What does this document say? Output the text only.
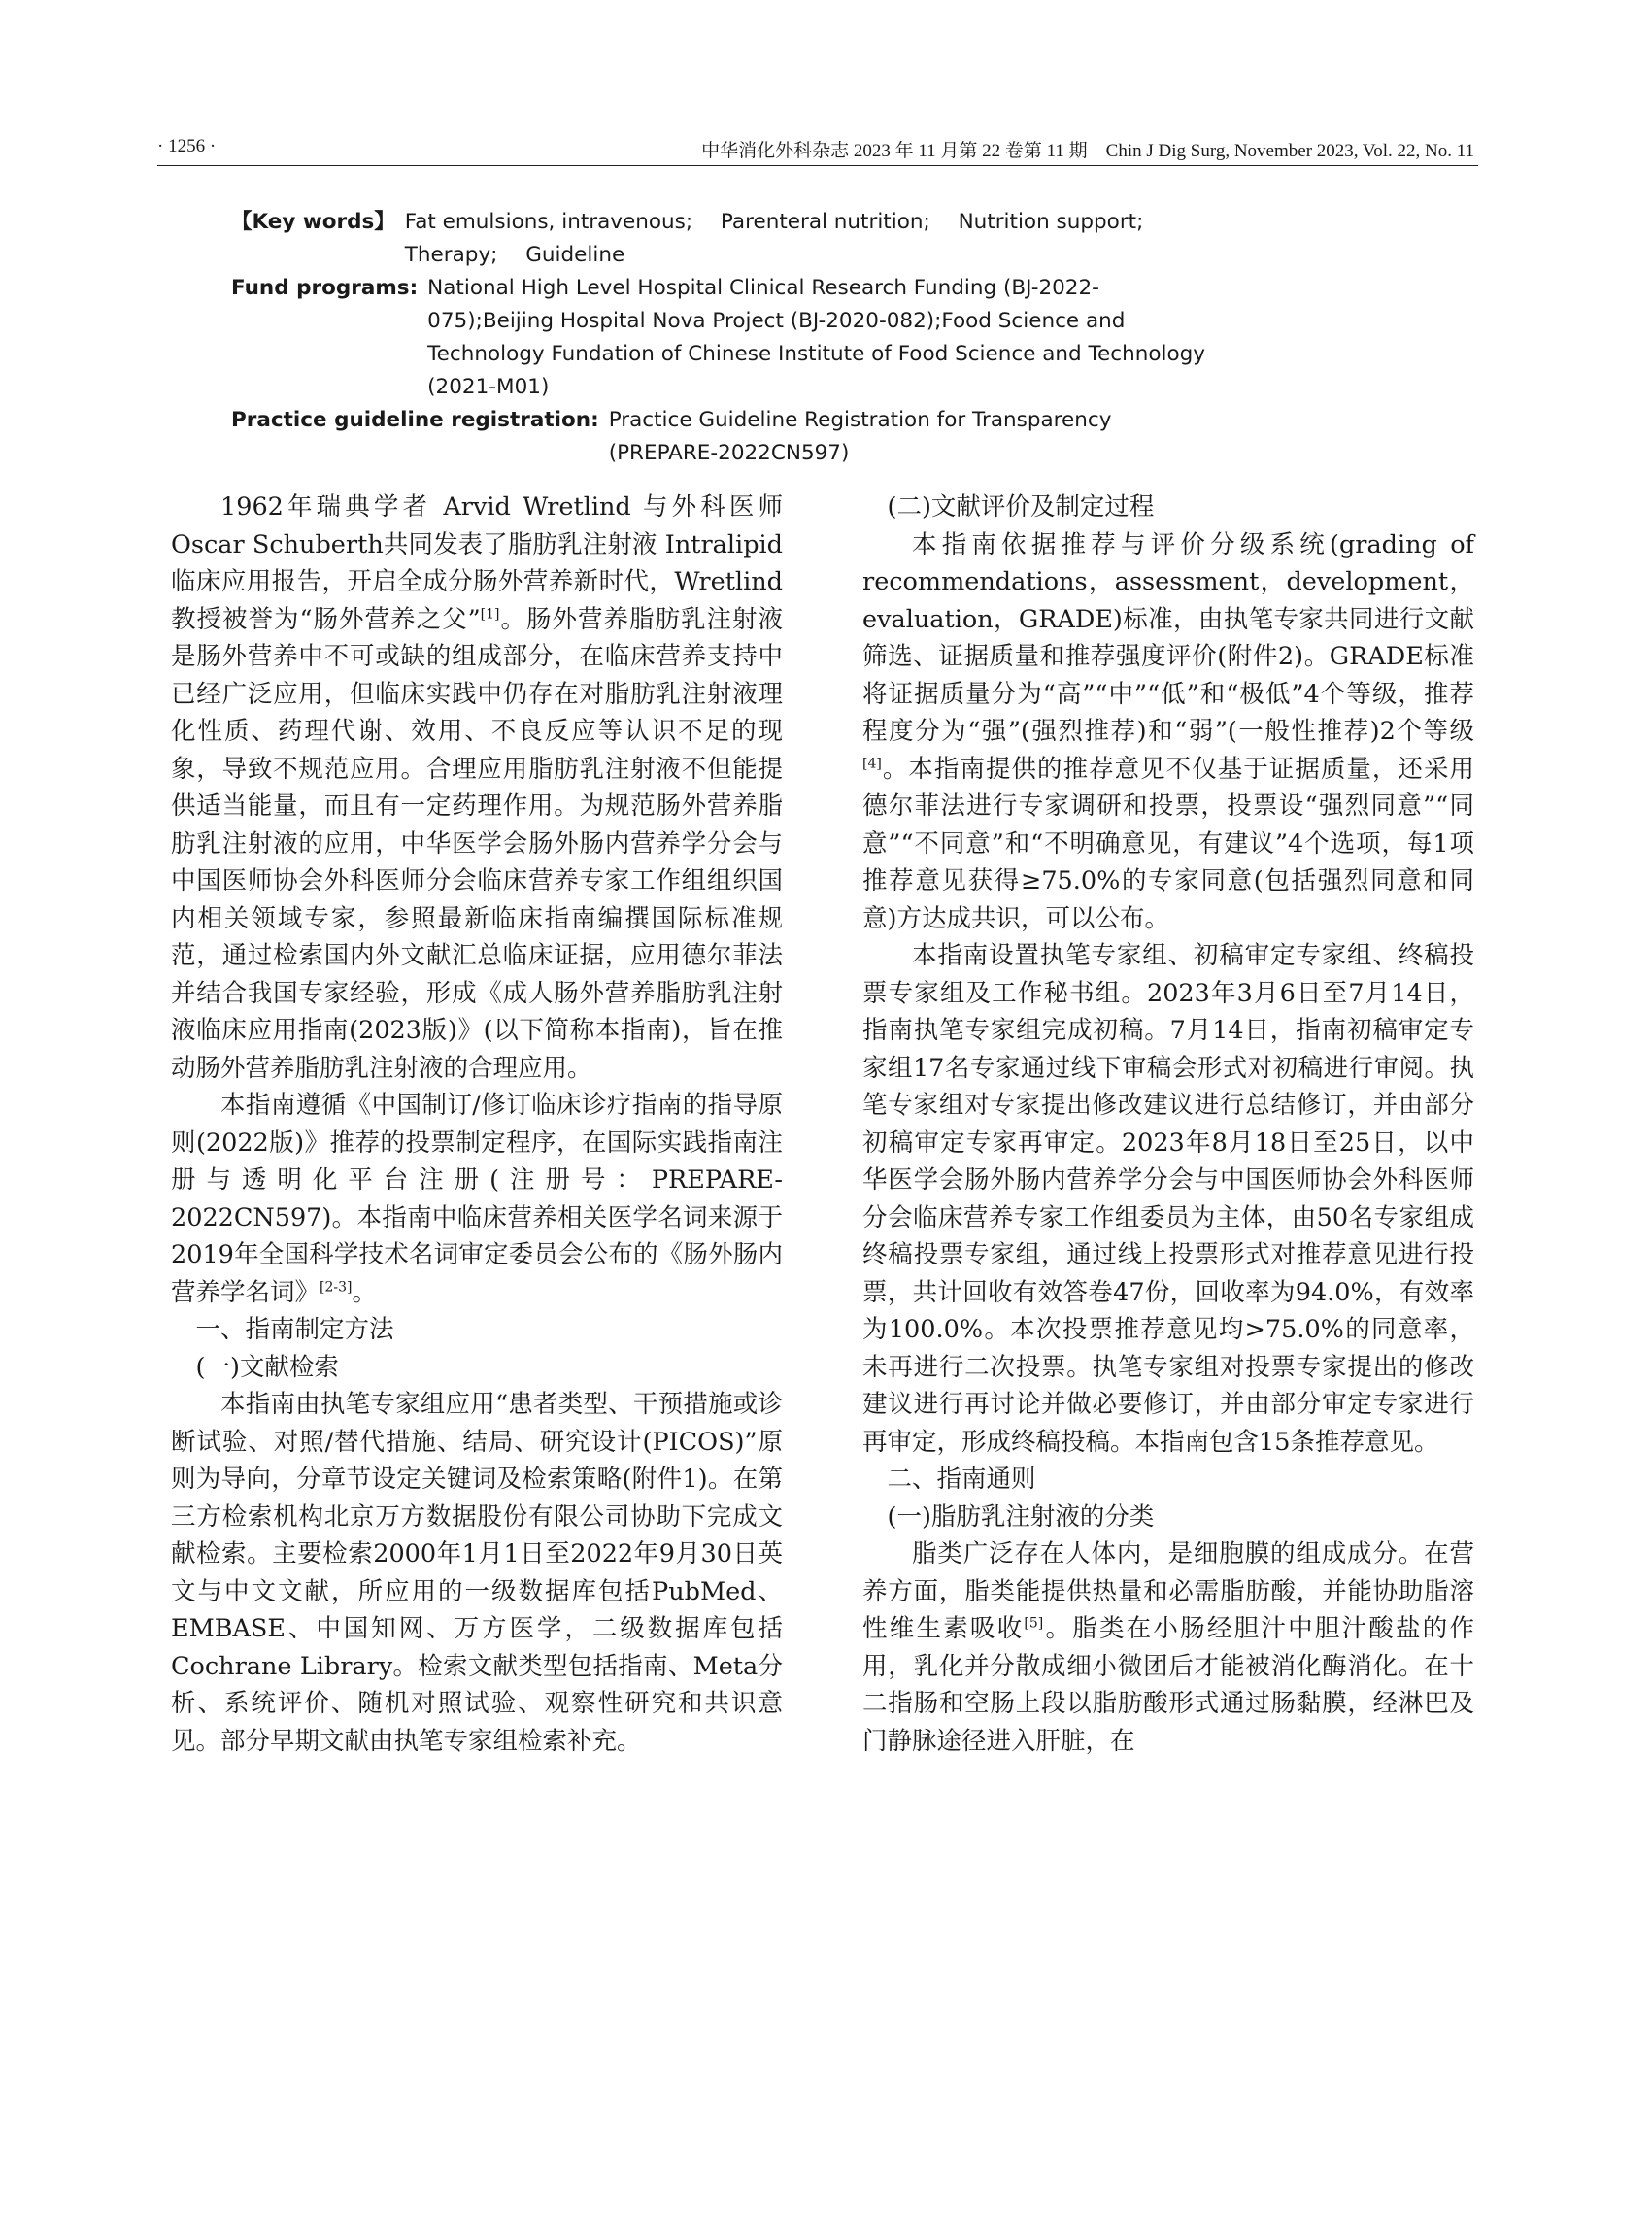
· 1256 ·	中华消化外科杂志 2023 年 11 月第 22 卷第 11 期　Chin J Dig Surg, November 2023, Vol. 22, No. 11
【Key words】 Fat emulsions, intravenous; Parenteral nutrition; Nutrition support; Therapy; Guideline
Fund programs: National High Level Hospital Clinical Research Funding (BJ-2022-075);Beijing Hospital Nova Project (BJ-2020-082);Food Science and Technology Fundation of Chinese Institute of Food Science and Technology (2021-M01)
Practice guideline registration: Practice Guideline Registration for Transparency (PREPARE-2022CN597)

1962年瑞典学者 Arvid Wretlind 与外科医师 Oscar Schuberth共同发表了脂肪乳注射液 Intralipid 临床应用报告，开启全成分肠外营养新时代，Wretlind教授被誉为“肠外营养之父”[1]。肠外营养脂肪乳注射液是肠外营养中不可或缺的组成部分，在临床营养支持中已经广泛应用，但临床实践中仍存在对脂肪乳注射液理化性质、药理代谢、效用、不良反应等认识不足的现象，导致不规范应用。合理应用脂肪乳注射液不但能提供适当能量，而且有一定药理作用。为规范肠外营养脂肪乳注射液的应用，中华医学会肠外肠内营养学分会与中国医师协会外科医师分会临床营养专家工作组组织国内相关领域专家，参照最新临床指南编撰国际标准规范，通过检索国内外文献汇总临床证据，应用德尔菲法并结合我国专家经验，形成《成人肠外营养脂肪乳注射液临床应用指南(2023版)》(以下简称本指南)，旨在推动肠外营养脂肪乳注射液的合理应用。

本指南遵循《中国制订/修订临床诊疗指南的指导原则(2022版)》推荐的投票制定程序，在国际实践指南注册与透明化平台注册(注册号：PREPARE-2022CN597)。本指南中临床营养相关医学名词来源于2019年全国科学技术名词审定委员会公布的《肠外肠内营养学名词》[2-3]。

一、指南制定方法
(一)文献检索

本指南由执笔专家组应用“患者类型、干预措施或诊断试验、对照/替代措施、结局、研究设计(PICOS)”原则为导向，分章节设定关键词及检索策略(附件1)。在第三方检索机构北京万方数据股份有限公司协助下完成文献检索。主要检索2000年1月1日至2022年9月30日英文与中文文献，所应用的一级数据库包括PubMed、EMBASE、中国知网、万方医学，二级数据库包括Cochrane Library。检索文献类型包括指南、Meta分析、系统评价、随机对照试验、观察性研究和共识意见。部分早期文献由执笔专家组检索补充。

(二)文献评价及制定过程

本指南依据推荐与评价分级系统(grading of recommendations，assessment，development，evaluation，GRADE)标准，由执笔专家共同进行文献筛选、证据质量和推荐强度评价(附件2)。GRADE标准将证据质量分为“高”“中”“低”和“极低”4个等级，推荐程度分为“强”(强烈推荐)和“弱”(一般性推荐)2个等级[4]。本指南提供的推荐意见不仅基于证据质量，还采用德尔菲法进行专家调研和投票，投票设“强烈同意”“同意”“不同意”和“不明确意见，有建议”4个选项，每1项推荐意见获得≥75.0%的专家同意(包括强烈同意和同意)方达成共识，可以公布。

本指南设置执笔专家组、初稿审定专家组、终稿投票专家组及工作秘书组。2023年3月6日至7月14日，指南执笔专家组完成初稿。7月14日，指南初稿审定专家组17名专家通过线下审稿会形式对初稿进行审阅。执笔专家组对专家提出修改建议进行总结修订，并由部分初稿审定专家再审定。2023年8月18日至25日，以中华医学会肠外肠内营养学分会与中国医师协会外科医师分会临床营养专家工作组委员为主体，由50名专家组成终稿投票专家组，通过线上投票形式对推荐意见进行投票，共计回收有效答卷47份，回收率为94.0%，有效率为100.0%。本次投票推荐意见均>75.0%的同意率，未再进行二次投票。执笔专家组对投票专家提出的修改建议进行再讨论并做必要修订，并由部分审定专家进行再审定，形成终稿投稿。本指南包含15条推荐意见。

二、指南通则
(一)脂肪乳注射液的分类

脂类广泛存在人体内，是细胞膜的组成成分。在营养方面，脂类能提供热量和必需脂肪酸，并能协助脂溶性维生素吸收[5]。脂类在小肠经胆汁中胆汁酸盐的作用，乳化并分散成细小微团后才能被消化酶消化。在十二指肠和空肠上段以脂肪酸形式通过肠黏膜，经淋巴及门静脉途径进入肝脏，在
